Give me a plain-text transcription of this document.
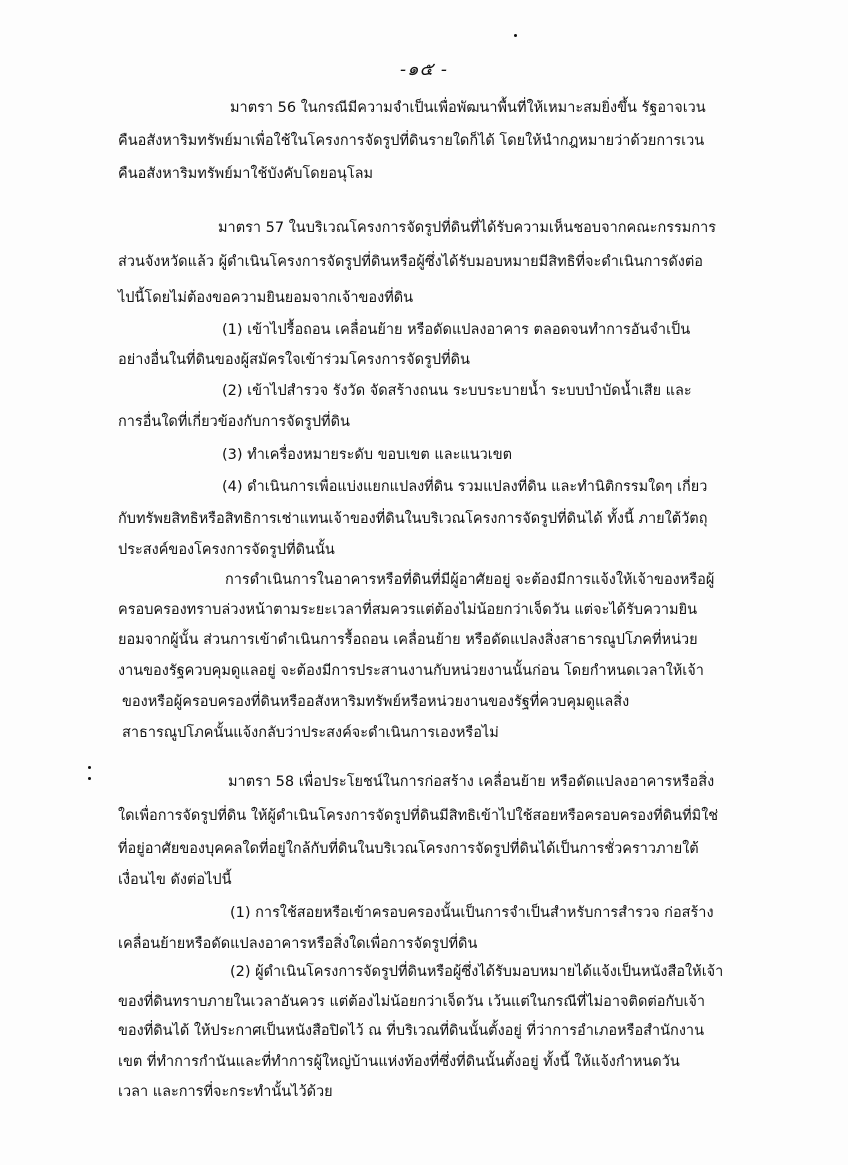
-๑๕ -
มาตรา 56 ในกรณีมีความจำเป็นเพื่อพัฒนาพื้นที่ให้เหมาะสมยิ่งขึ้น รัฐอาจเวน
คืนอสังหาริมทรัพย์มาเพื่อใช้ในโครงการจัดรูปที่ดินรายใดก็ได้ โดยให้นำกฎหมายว่าด้วยการเวน
คืนอสังหาริมทรัพย์มาใช้บังคับโดยอนุโลม
มาตรา 57 ในบริเวณโครงการจัดรูปที่ดินที่ได้รับความเห็นชอบจากคณะกรรมการ
ส่วนจังหวัดแล้ว ผู้ดำเนินโครงการจัดรูปที่ดินหรือผู้ซึ่งได้รับมอบหมายมีสิทธิที่จะดำเนินการดังต่อ
ไปนี้โดยไม่ต้องขอความยินยอมจากเจ้าของที่ดิน
(1) เข้าไปรื้อถอน เคลื่อนย้าย หรือดัดแปลงอาคาร ตลอดจนทำการอันจำเป็น
อย่างอื่นในที่ดินของผู้สมัครใจเข้าร่วมโครงการจัดรูปที่ดิน
(2) เข้าไปสำรวจ รังวัด จัดสร้างถนน ระบบระบายน้ำ ระบบบำบัดน้ำเสีย และ
การอื่นใดที่เกี่ยวข้องกับการจัดรูปที่ดิน
(3) ทำเครื่องหมายระดับ ขอบเขต และแนวเขต
(4) ดำเนินการเพื่อแบ่งแยกแปลงที่ดิน รวมแปลงที่ดิน และทำนิติกรรมใดๆ เกี่ยว
กับทรัพยสิทธิหรือสิทธิการเช่าแทนเจ้าของที่ดินในบริเวณโครงการจัดรูปที่ดินได้ ทั้งนี้ ภายใต้วัตถุ
ประสงค์ของโครงการจัดรูปที่ดินนั้น
การดำเนินการในอาคารหรือที่ดินที่มีผู้อาศัยอยู่ จะต้องมีการแจ้งให้เจ้าของหรือผู้
ครอบครองทราบล่วงหน้าตามระยะเวลาที่สมควรแต่ต้องไม่น้อยกว่าเจ็ดวัน แต่จะได้รับความยิน
ยอมจากผู้นั้น ส่วนการเข้าดำเนินการรื้อถอน เคลื่อนย้าย หรือดัดแปลงสิ่งสาธารณูปโภคที่หน่วย
งานของรัฐควบคุมดูแลอยู่ จะต้องมีการประสานงานกับหน่วยงานนั้นก่อน โดยกำหนดเวลาให้เจ้า
ของหรือผู้ครอบครองที่ดินหรืออสังหาริมทรัพย์หรือหน่วยงานของรัฐที่ควบคุมดูแลสิ่ง
สาธารณูปโภคนั้นแจ้งกลับว่าประสงค์จะดำเนินการเองหรือไม่
มาตรา 58 เพื่อประโยชน์ในการก่อสร้าง เคลื่อนย้าย หรือดัดแปลงอาคารหรือสิ่ง
ใดเพื่อการจัดรูปที่ดิน ให้ผู้ดำเนินโครงการจัดรูปที่ดินมีสิทธิเข้าไปใช้สอยหรือครอบครองที่ดินที่มิใช่
ที่อยู่อาศัยของบุคคลใดที่อยู่ใกล้กับที่ดินในบริเวณโครงการจัดรูปที่ดินได้เป็นการชั่วคราวภายใต้
เงื่อนไข ดังต่อไปนี้
(1) การใช้สอยหรือเข้าครอบครองนั้นเป็นการจำเป็นสำหรับการสำรวจ ก่อสร้าง
เคลื่อนย้ายหรือดัดแปลงอาคารหรือสิ่งใดเพื่อการจัดรูปที่ดิน
(2) ผู้ดำเนินโครงการจัดรูปที่ดินหรือผู้ซึ่งได้รับมอบหมายได้แจ้งเป็นหนังสือให้เจ้า
ของที่ดินทราบภายในเวลาอันควร แต่ต้องไม่น้อยกว่าเจ็ดวัน เว้นแต่ในกรณีที่ไม่อาจติดต่อกับเจ้า
ของที่ดินได้ ให้ประกาศเป็นหนังสือปิดไว้ ณ ที่บริเวณที่ดินนั้นตั้งอยู่ ที่ว่าการอำเภอหรือสำนักงาน
เขต ที่ทำการกำนันและที่ทำการผู้ใหญ่บ้านแห่งท้องที่ซึ่งที่ดินนั้นตั้งอยู่ ทั้งนี้ ให้แจ้งกำหนดวัน
เวลา และการที่จะกระทำนั้นไว้ด้วย
